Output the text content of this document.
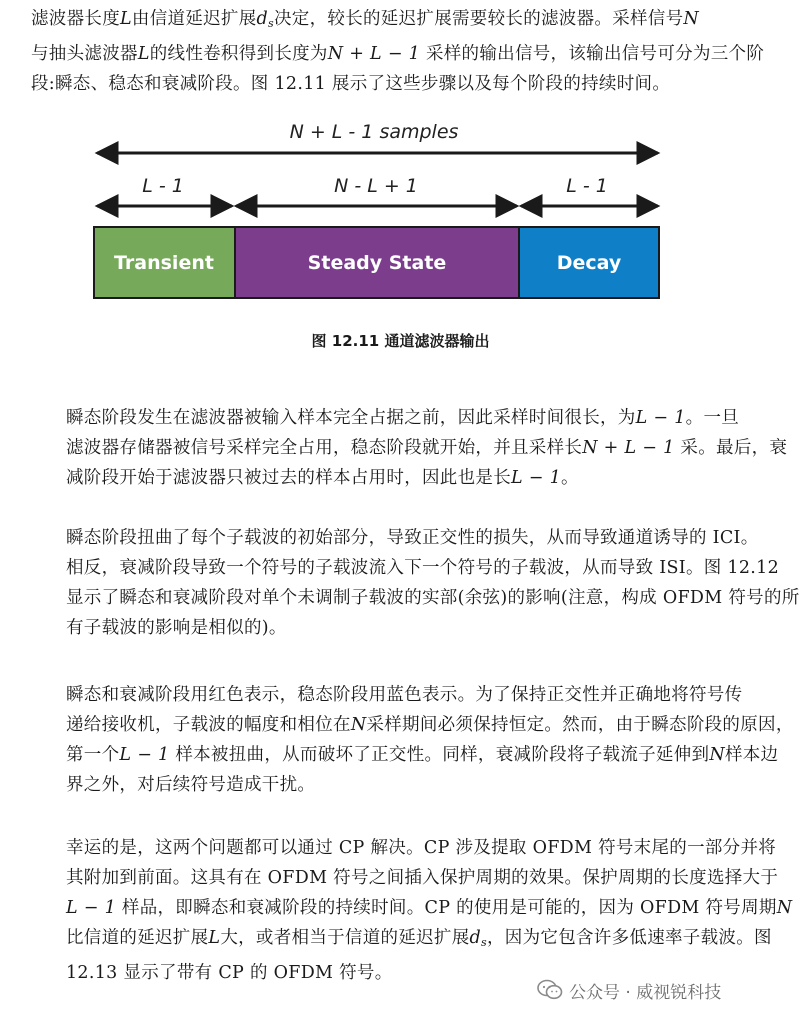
滤波器长度L由信道延迟扩展$d_s$决定，较长的延迟扩展需要较长的滤波器。采样信号N
与抽头滤波器L的线性卷积得到长度为N + L − 1 采样的输出信号，该输出信号可分为三个阶
段:瞬态、稳态和衰减阶段。图 12.11 展示了这些步骤以及每个阶段的持续时间。

N + L - 1 samples
L - 1	N - L + 1	L - 1
Transient	Steady State	Decay
图 12.11 通道滤波器输出

瞬态阶段发生在滤波器被输入样本完全占据之前，因此采样时间很长，为L − 1。一旦
滤波器存储器被信号采样完全占用，稳态阶段就开始，并且采样长N + L − 1 采。最后，衰
减阶段开始于滤波器只被过去的样本占用时，因此也是长L − 1。

瞬态阶段扭曲了每个子载波的初始部分，导致正交性的损失，从而导致通道诱导的 ICI。
相反，衰减阶段导致一个符号的子载波流入下一个符号的子载波，从而导致 ISI。图 12.12
显示了瞬态和衰减阶段对单个未调制子载波的实部(余弦)的影响(注意，构成 OFDM 符号的所
有子载波的影响是相似的)。

瞬态和衰减阶段用红色表示，稳态阶段用蓝色表示。为了保持正交性并正确地将符号传
递给接收机，子载波的幅度和相位在N采样期间必须保持恒定。然而，由于瞬态阶段的原因，
第一个L − 1 样本被扭曲，从而破坏了正交性。同样，衰减阶段将子载流子延伸到N样本边
界之外，对后续符号造成干扰。

幸运的是，这两个问题都可以通过 CP 解决。CP 涉及提取 OFDM 符号末尾的一部分并将
其附加到前面。这具有在 OFDM 符号之间插入保护周期的效果。保护周期的长度选择大于
L − 1 样品，即瞬态和衰减阶段的持续时间。CP 的使用是可能的，因为 OFDM 符号周期N
比信道的延迟扩展L大，或者相当于信道的延迟扩展$d_s$，因为它包含许多低速率子载波。图
12.13 显示了带有 CP 的 OFDM 符号。

公众号 · 威视锐科技
